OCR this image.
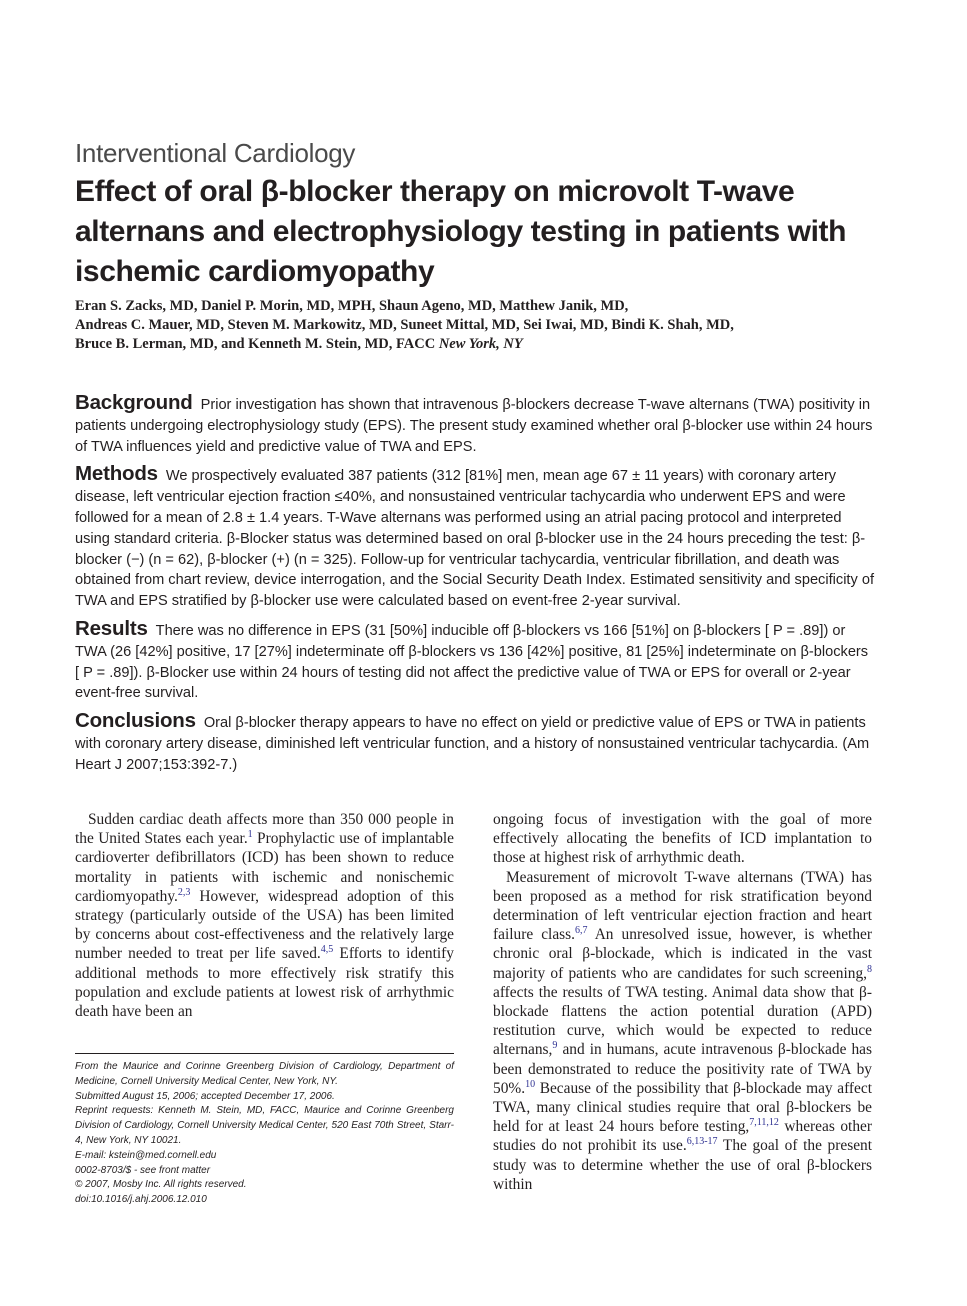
Interventional Cardiology
Effect of oral β-blocker therapy on microvolt T-wave alternans and electrophysiology testing in patients with ischemic cardiomyopathy
Eran S. Zacks, MD, Daniel P. Morin, MD, MPH, Shaun Ageno, MD, Matthew Janik, MD,
Andreas C. Mauer, MD, Steven M. Markowitz, MD, Suneet Mittal, MD, Sei Iwai, MD, Bindi K. Shah, MD,
Bruce B. Lerman, MD, and Kenneth M. Stein, MD, FACC New York, NY

Background Prior investigation has shown that intravenous β-blockers decrease T-wave alternans (TWA) positivity in patients undergoing electrophysiology study (EPS). The present study examined whether oral β-blocker use within 24 hours of TWA influences yield and predictive value of TWA and EPS.

Methods We prospectively evaluated 387 patients (312 [81%] men, mean age 67 ± 11 years) with coronary artery disease, left ventricular ejection fraction ≤40%, and nonsustained ventricular tachycardia who underwent EPS and were followed for a mean of 2.8 ± 1.4 years. T-Wave alternans was performed using an atrial pacing protocol and interpreted using standard criteria. β-Blocker status was determined based on oral β-blocker use in the 24 hours preceding the test: β-blocker (−) (n = 62), β-blocker (+) (n = 325). Follow-up for ventricular tachycardia, ventricular fibrillation, and death was obtained from chart review, device interrogation, and the Social Security Death Index. Estimated sensitivity and specificity of TWA and EPS stratified by β-blocker use were calculated based on event-free 2-year survival.

Results There was no difference in EPS (31 [50%] inducible off β-blockers vs 166 [51%] on β-blockers [ P = .89]) or TWA (26 [42%] positive, 17 [27%] indeterminate off β-blockers vs 136 [42%] positive, 81 [25%] indeterminate on β-blockers [ P = .89]). β-Blocker use within 24 hours of testing did not affect the predictive value of TWA or EPS for overall or 2-year event-free survival.

Conclusions Oral β-blocker therapy appears to have no effect on yield or predictive value of EPS or TWA in patients with coronary artery disease, diminished left ventricular function, and a history of nonsustained ventricular tachycardia. (Am Heart J 2007;153:392-7.)

Sudden cardiac death affects more than 350 000 people in the United States each year.$^1$ Prophylactic use of implantable cardioverter defibrillators (ICD) has been shown to reduce mortality in patients with ischemic and nonischemic cardiomyopathy.$^{2,3}$ However, widespread adoption of this strategy (particularly outside of the USA) has been limited by concerns about cost-effectiveness and the relatively large number needed to treat per life saved.$^{4,5}$ Efforts to identify additional methods to more effectively risk stratify this population and exclude patients at lowest risk of arrhythmic death have been an

From the Maurice and Corinne Greenberg Division of Cardiology, Department of Medicine, Cornell University Medical Center, New York, NY.
Submitted August 15, 2006; accepted December 17, 2006.
Reprint requests: Kenneth M. Stein, MD, FACC, Maurice and Corinne Greenberg Division of Cardiology, Cornell University Medical Center, 520 East 70th Street, Starr-4, New York, NY 10021.
E-mail: kstein@med.cornell.edu
0002-8703/$ - see front matter
© 2007, Mosby Inc. All rights reserved.
doi:10.1016/j.ahj.2006.12.010

ongoing focus of investigation with the goal of more effectively allocating the benefits of ICD implantation to those at highest risk of arrhythmic death.

Measurement of microvolt T-wave alternans (TWA) has been proposed as a method for risk stratification beyond determination of left ventricular ejection fraction and heart failure class.$^{6,7}$ An unresolved issue, however, is whether chronic oral β-blockade, which is indicated in the vast majority of patients who are candidates for such screening,$^8$ affects the results of TWA testing. Animal data show that β-blockade flattens the action potential duration (APD) restitution curve, which would be expected to reduce alternans,$^9$ and in humans, acute intravenous β-blockade has been demonstrated to reduce the positivity rate of TWA by 50%.$^{10}$ Because of the possibility that β-blockade may affect TWA, many clinical studies require that oral β-blockers be held for at least 24 hours before testing,$^{7,11,12}$ whereas other studies do not prohibit its use.$^{6,13-17}$ The goal of the present study was to determine whether the use of oral β-blockers within
